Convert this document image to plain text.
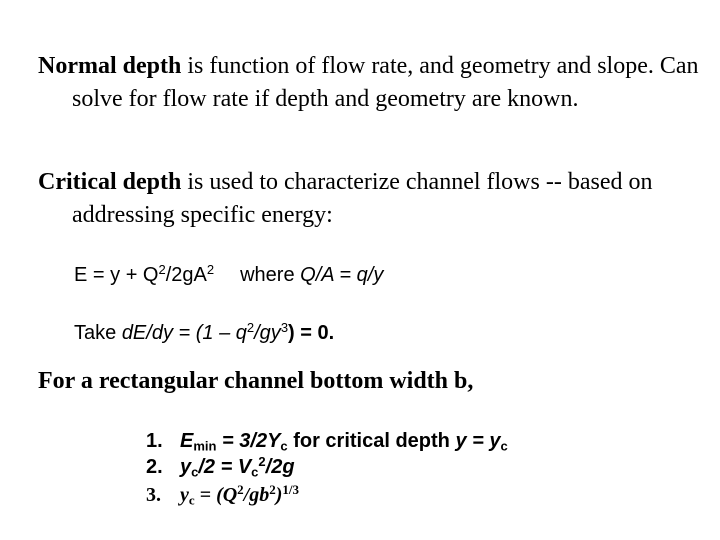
Normal depth is function of flow rate, and geometry and slope. Can solve for flow rate if depth and geometry are known.
Critical depth is used to characterize channel flows -- based on addressing specific energy:
$E = y + Q^2/2gA^2$ where Q/A = q/y
Take $dE/dy = (1 - q^2/gy^3) = 0$.
For a rectangular channel bottom width b,
1. $E_{min} = 3/2Y_c$ for critical depth $y = y_c$
2. $y_c/2 = V_c^2/2g$
3. $y_c = (Q^2/gb^2)^{1/3}$
